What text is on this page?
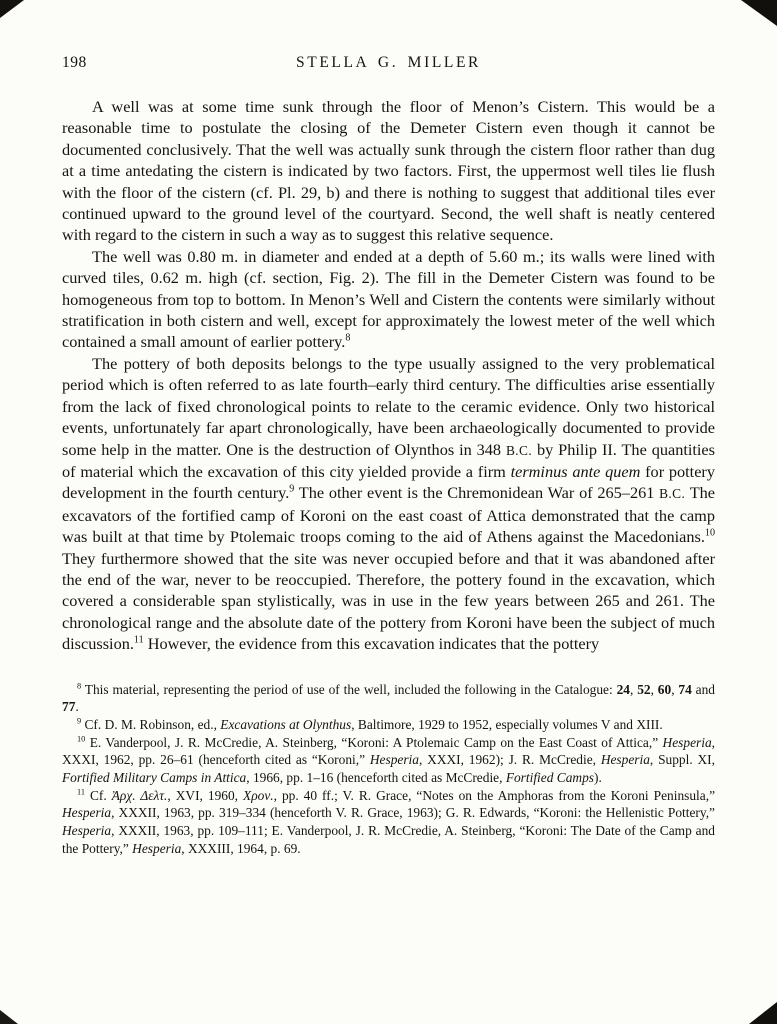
198	STELLA G. MILLER

A well was at some time sunk through the floor of Menon’s Cistern. This would be a reasonable time to postulate the closing of the Demeter Cistern even though it cannot be documented conclusively. That the well was actually sunk through the cistern floor rather than dug at a time antedating the cistern is indicated by two factors. First, the uppermost well tiles lie flush with the floor of the cistern (cf. Pl. 29, b) and there is nothing to suggest that additional tiles ever continued upward to the ground level of the courtyard. Second, the well shaft is neatly centered with regard to the cistern in such a way as to suggest this relative sequence.

The well was 0.80 m. in diameter and ended at a depth of 5.60 m.; its walls were lined with curved tiles, 0.62 m. high (cf. section, Fig. 2). The fill in the Demeter Cistern was found to be homogeneous from top to bottom. In Menon’s Well and Cistern the contents were similarly without stratification in both cistern and well, except for approximately the lowest meter of the well which contained a small amount of earlier pottery.$^8$

The pottery of both deposits belongs to the type usually assigned to the very problematical period which is often referred to as late fourth–early third century. The difficulties arise essentially from the lack of fixed chronological points to relate to the ceramic evidence. Only two historical events, unfortunately far apart chronologically, have been archaeologically documented to provide some help in the matter. One is the destruction of Olynthos in 348 B.C. by Philip II. The quantities of material which the excavation of this city yielded provide a firm terminus ante quem for pottery development in the fourth century.$^9$ The other event is the Chremonidean War of 265–261 B.C. The excavators of the fortified camp of Koroni on the east coast of Attica demonstrated that the camp was built at that time by Ptolemaic troops coming to the aid of Athens against the Macedonians.$^{10}$ They furthermore showed that the site was never occupied before and that it was abandoned after the end of the war, never to be reoccupied. Therefore, the pottery found in the excavation, which covered a considerable span stylistically, was in use in the few years between 265 and 261. The chronological range and the absolute date of the pottery from Koroni have been the subject of much discussion.$^{11}$ However, the evidence from this excavation indicates that the pottery

$^8$ This material, representing the period of use of the well, included the following in the Catalogue: 24, 52, 60, 74 and 77.

$^9$ Cf. D. M. Robinson, ed., Excavations at Olynthus, Baltimore, 1929 to 1952, especially volumes V and XIII.

$^{10}$ E. Vanderpool, J. R. McCredie, A. Steinberg, “Koroni: A Ptolemaic Camp on the East Coast of Attica,” Hesperia, XXXI, 1962, pp. 26–61 (henceforth cited as “Koroni,” Hesperia, XXXI, 1962); J. R. McCredie, Hesperia, Suppl. XI, Fortified Military Camps in Attica, 1966, pp. 1–16 (henceforth cited as McCredie, Fortified Camps).

$^{11}$ Cf. Ἀρχ. Δελτ., XVI, 1960, Χρον., pp. 40 ff.; V. R. Grace, “Notes on the Amphoras from the Koroni Peninsula,” Hesperia, XXXII, 1963, pp. 319–334 (henceforth V. R. Grace, 1963); G. R. Edwards, “Koroni: the Hellenistic Pottery,” Hesperia, XXXII, 1963, pp. 109–111; E. Vanderpool, J. R. McCredie, A. Steinberg, “Koroni: The Date of the Camp and the Pottery,” Hesperia, XXXIII, 1964, p. 69.
